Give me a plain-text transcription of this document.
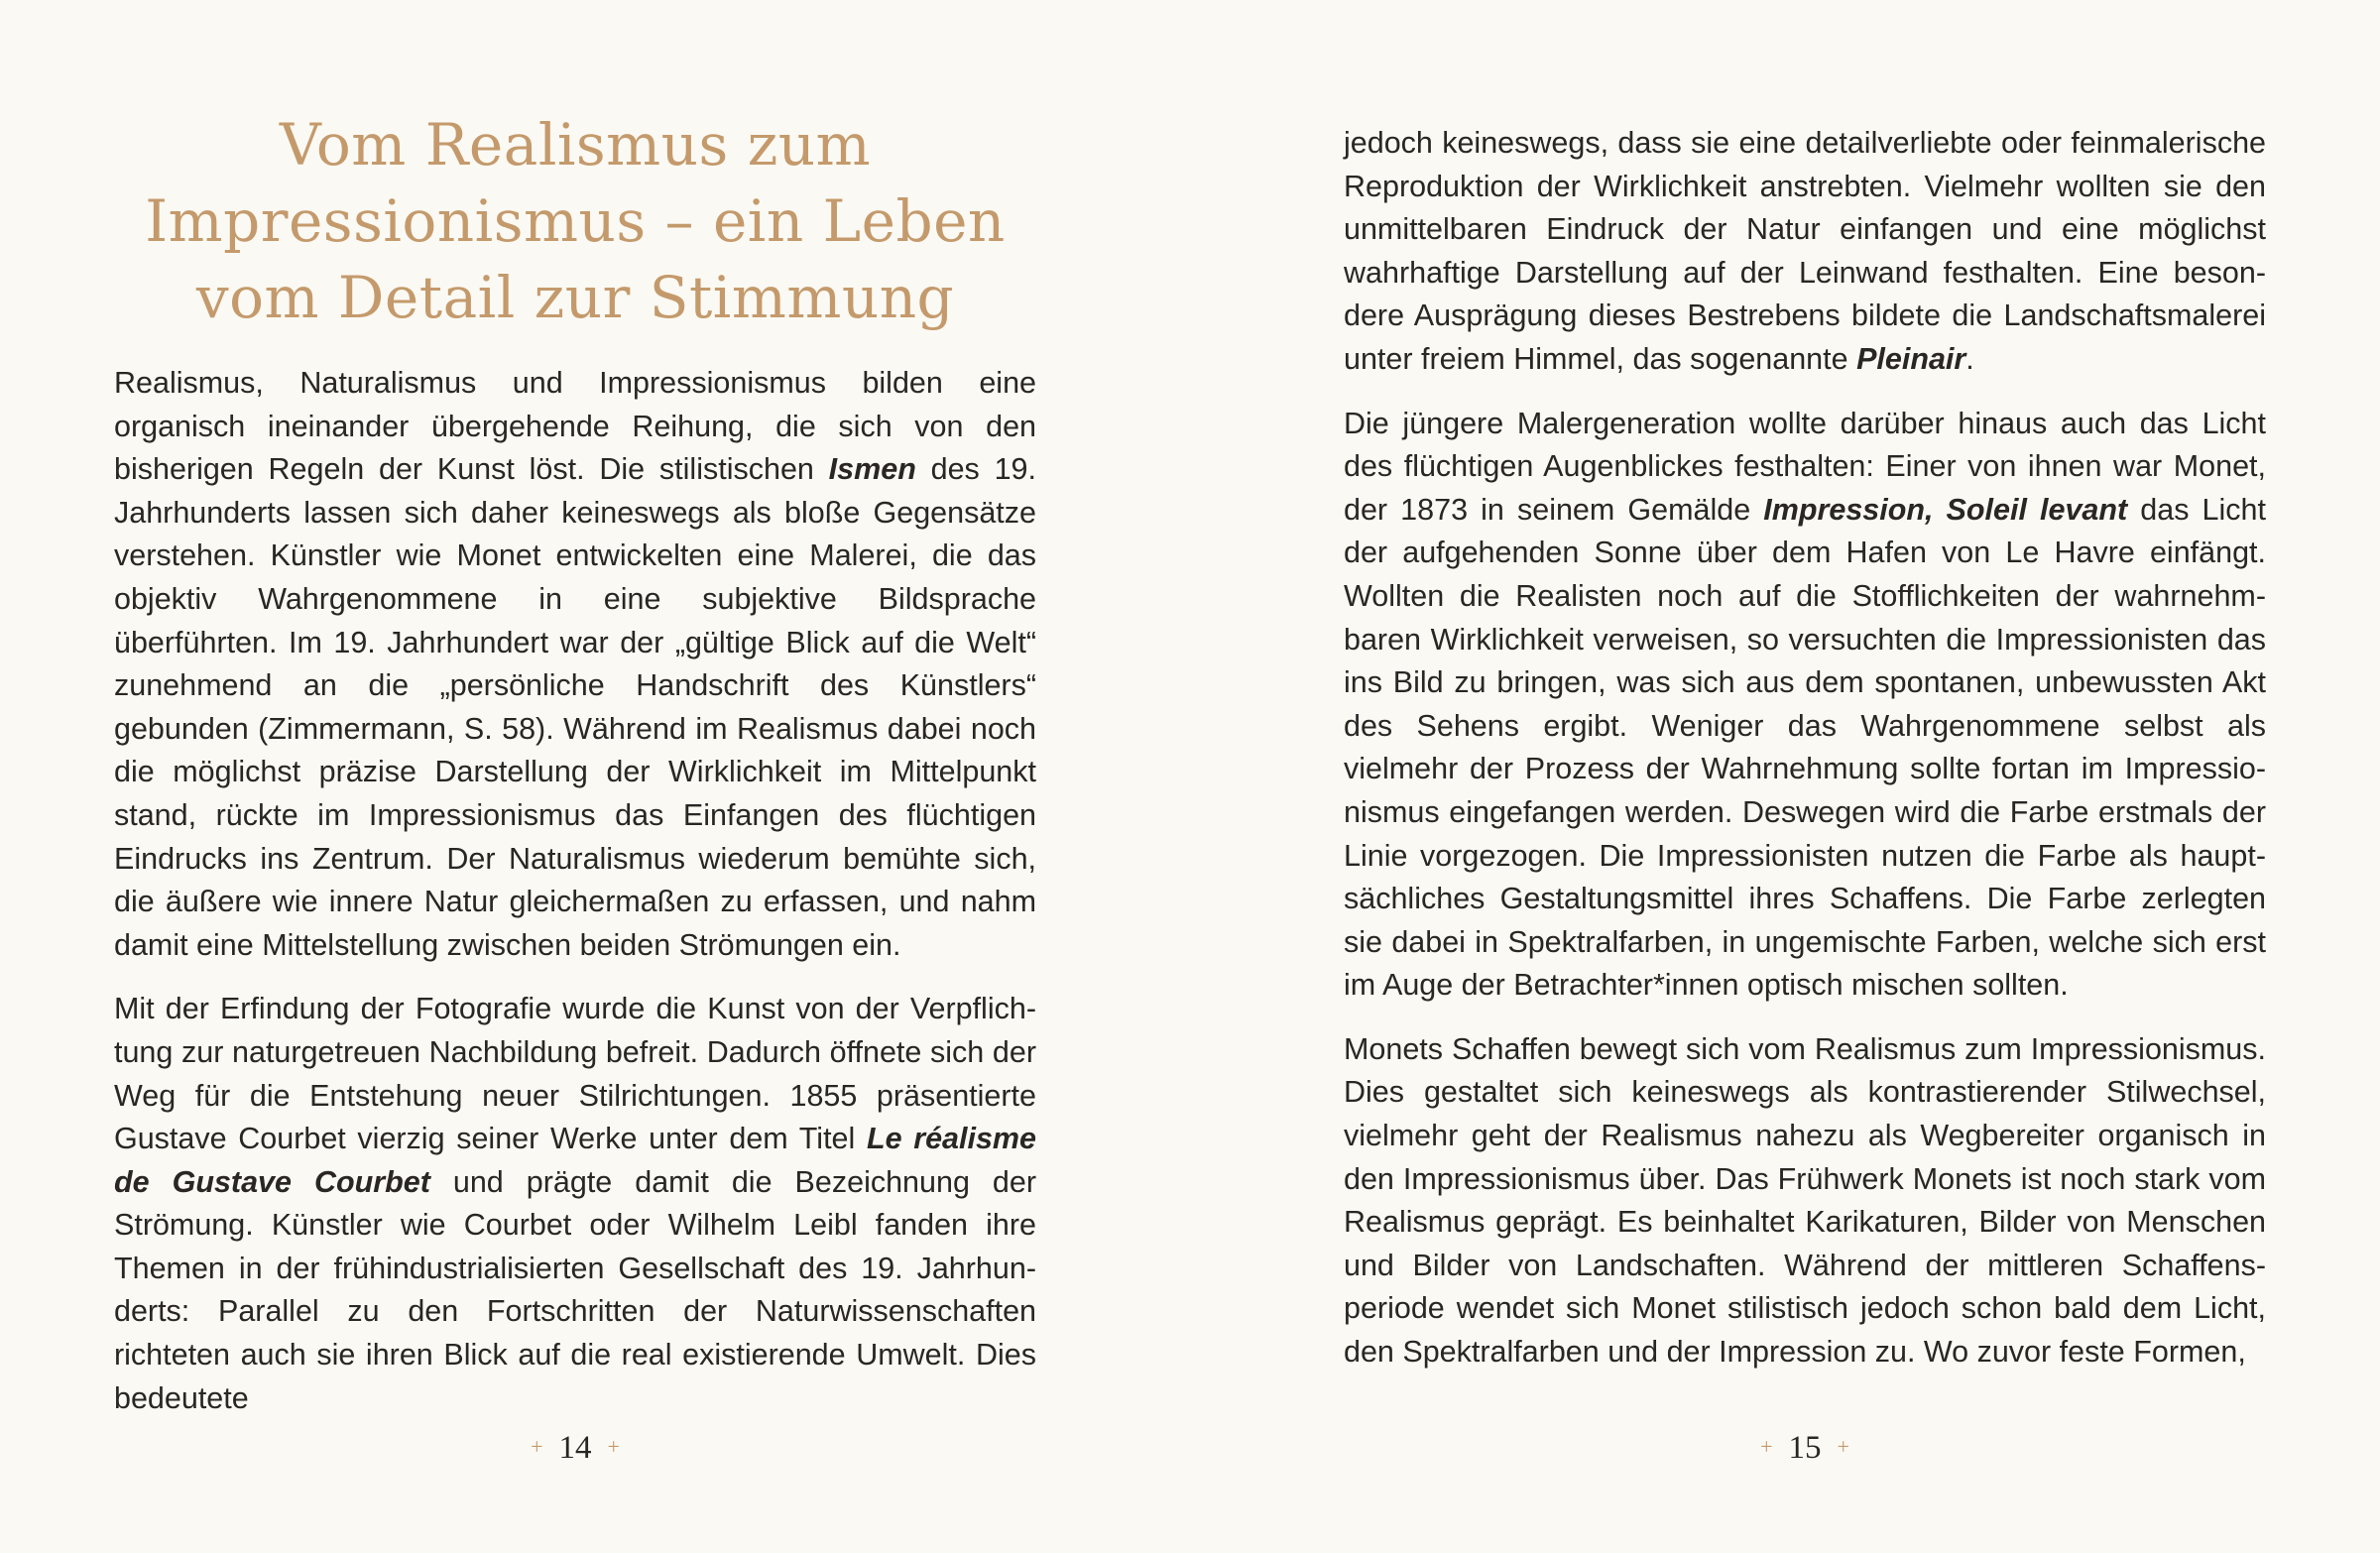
Vom Realismus zum
Impressionismus – ein Leben
vom Detail zur Stimmung

Realismus, Naturalismus und Impressionismus bilden eine organisch ineinander übergehende Reihung, die sich von den bisherigen Regeln der Kunst löst. Die stilistischen Ismen des 19. Jahrhunderts lassen sich daher keineswegs als bloße Gegensätze verstehen. Künstler wie Monet entwickelten eine Malerei, die das objektiv Wahrgenommene in eine subjektive Bildsprache überführten. Im 19. Jahrhundert war der „gültige Blick auf die Welt“ zunehmend an die „persönliche Handschrift des Künstlers“ gebunden (Zimmermann, S. 58). Während im Realismus dabei noch die möglichst präzise Darstellung der Wirklichkeit im Mittelpunkt stand, rückte im Impressionismus das Einfangen des flüchtigen Eindrucks ins Zentrum. Der Naturalismus wiederum bemühte sich, die äußere wie innere Natur gleichermaßen zu erfassen, und nahm damit eine Mittelstellung zwischen beiden Strömungen ein.

Mit der Erfindung der Fotografie wurde die Kunst von der Verpflichtung zur naturgetreuen Nachbildung befreit. Dadurch öffnete sich der Weg für die Entstehung neuer Stilrichtungen. 1855 präsentierte Gustave Courbet vierzig seiner Werke unter dem Titel Le réalisme de Gustave Courbet und prägte damit die Bezeichnung der Strömung. Künstler wie Courbet oder Wilhelm Leibl fanden ihre Themen in der frühindustrialisierten Gesellschaft des 19. Jahrhunderts: Parallel zu den Fortschritten der Naturwissenschaften richteten auch sie ihren Blick auf die real existierende Umwelt. Dies bedeutete

+ 14 +

jedoch keineswegs, dass sie eine detailverliebte oder feinmalerische Reproduktion der Wirklichkeit anstrebten. Vielmehr wollten sie den unmittelbaren Eindruck der Natur einfangen und eine möglichst wahrhaftige Darstellung auf der Leinwand festhalten. Eine besondere Ausprägung dieses Bestrebens bildete die Landschaftsmalerei unter freiem Himmel, das sogenannte Pleinair.

Die jüngere Malergeneration wollte darüber hinaus auch das Licht des flüchtigen Augenblickes festhalten: Einer von ihnen war Monet, der 1873 in seinem Gemälde Impression, Soleil levant das Licht der aufgehenden Sonne über dem Hafen von Le Havre einfängt. Wollten die Realisten noch auf die Stofflichkeiten der wahrnehmbaren Wirklichkeit verweisen, so versuchten die Impressionisten das ins Bild zu bringen, was sich aus dem spontanen, unbewussten Akt des Sehens ergibt. Weniger das Wahrgenommene selbst als vielmehr der Prozess der Wahrnehmung sollte fortan im Impressionismus eingefangen werden. Deswegen wird die Farbe erstmals der Linie vorgezogen. Die Impressionisten nutzen die Farbe als hauptsächliches Gestaltungsmittel ihres Schaffens. Die Farbe zerlegten sie dabei in Spektralfarben, in ungemischte Farben, welche sich erst im Auge der Betrachter*innen optisch mischen sollten.

Monets Schaffen bewegt sich vom Realismus zum Impressionismus. Dies gestaltet sich keineswegs als kontrastierender Stilwechsel, vielmehr geht der Realismus nahezu als Wegbereiter organisch in den Impressionismus über. Das Frühwerk Monets ist noch stark vom Realismus geprägt. Es beinhaltet Karikaturen, Bilder von Menschen und Bilder von Landschaften. Während der mittleren Schaffensperiode wendet sich Monet stilistisch jedoch schon bald dem Licht, den Spektralfarben und der Impression zu. Wo zuvor feste Formen,

+ 15 +
